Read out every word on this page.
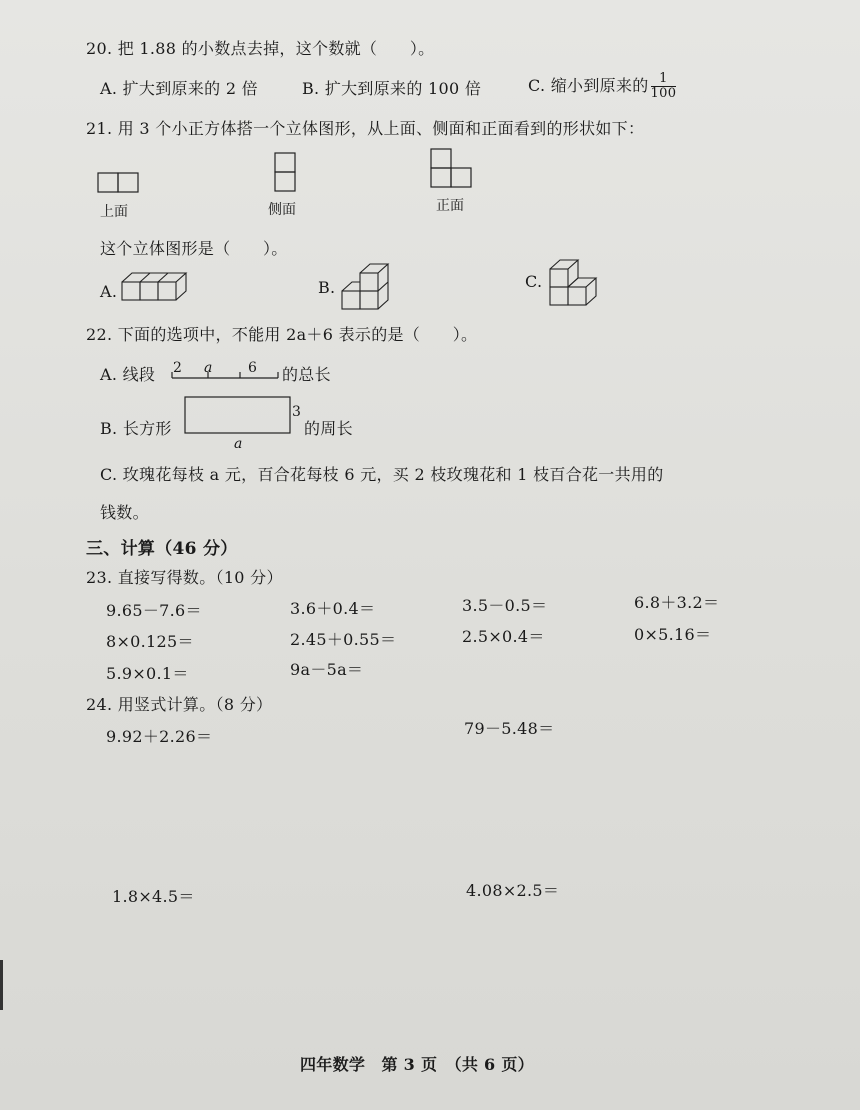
20. 把 1.88 的小数点去掉，这个数就（　　）。
A. 扩大到原来的 2 倍	B. 扩大到原来的 100 倍	C. 缩小到原来的 $\frac{1}{100}$
21. 用 3 个小正方体搭一个立体图形，从上面、侧面和正面看到的形状如下：
上面	侧面	正面
这个立体图形是（　　）。
A.	B.	C.
22. 下面的选项中，不能用 2a＋6 表示的是（　　）。
A. 线段 2 a	6 的总长
B. 长方形
3
a
的周长
C. 玫瑰花每枝 a 元，百合花每枝 6 元，买 2 枝玫瑰花和 1 枝百合花一共用的
钱数。
三、计算（46 分）
23. 直接写得数。（10 分）
9.65－7.6＝	3.6＋0.4＝	3.5－0.5＝	6.8＋3.2＝
8×0.125＝	2.45＋0.55＝	2.5×0.4＝	0×5.16＝
5.9×0.1＝	9a－5a＝
24. 用竖式计算。（8 分）
9.92＋2.26＝	79－5.48＝
1.8×4.5＝	4.08×2.5＝
四年数学　第 3 页　（共 6 页）
